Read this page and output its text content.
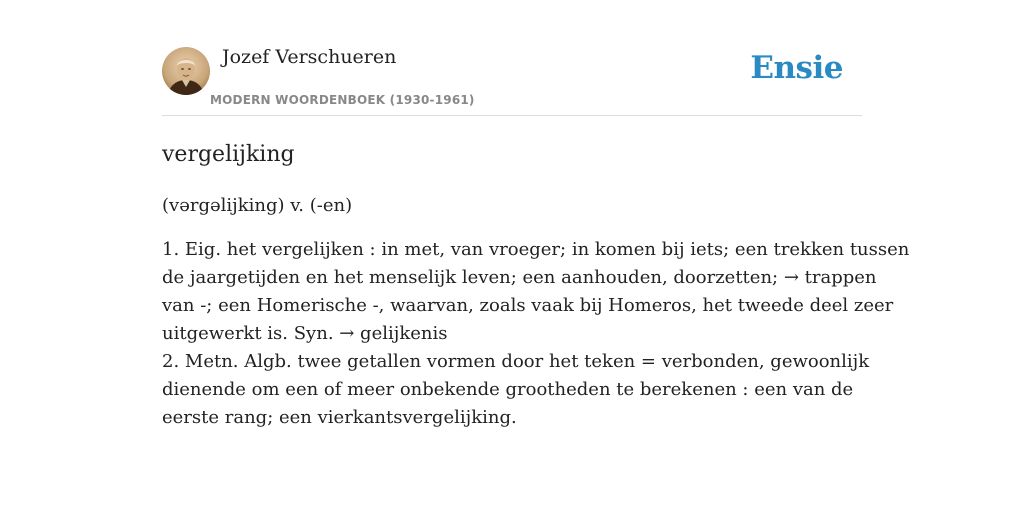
Jozef Verschueren
MODERN WOORDENBOEK (1930-1961)
Ensie
vergelijking
(vərgəlijking) v. (-en)
1. Eig. het vergelijken : in met, van vroeger; in komen bij iets; een trekken tussen
de jaargetijden en het menselijk leven; een aanhouden, doorzetten; → trappen
van -; een Homerische -, waarvan, zoals vaak bij Homeros, het tweede deel zeer
uitgewerkt is. Syn. → gelijkenis
2. Metn. Algb. twee getallen vormen door het teken = verbonden, gewoonlijk
dienende om een of meer onbekende grootheden te berekenen : een van de
eerste rang; een vierkantsvergelijking.
